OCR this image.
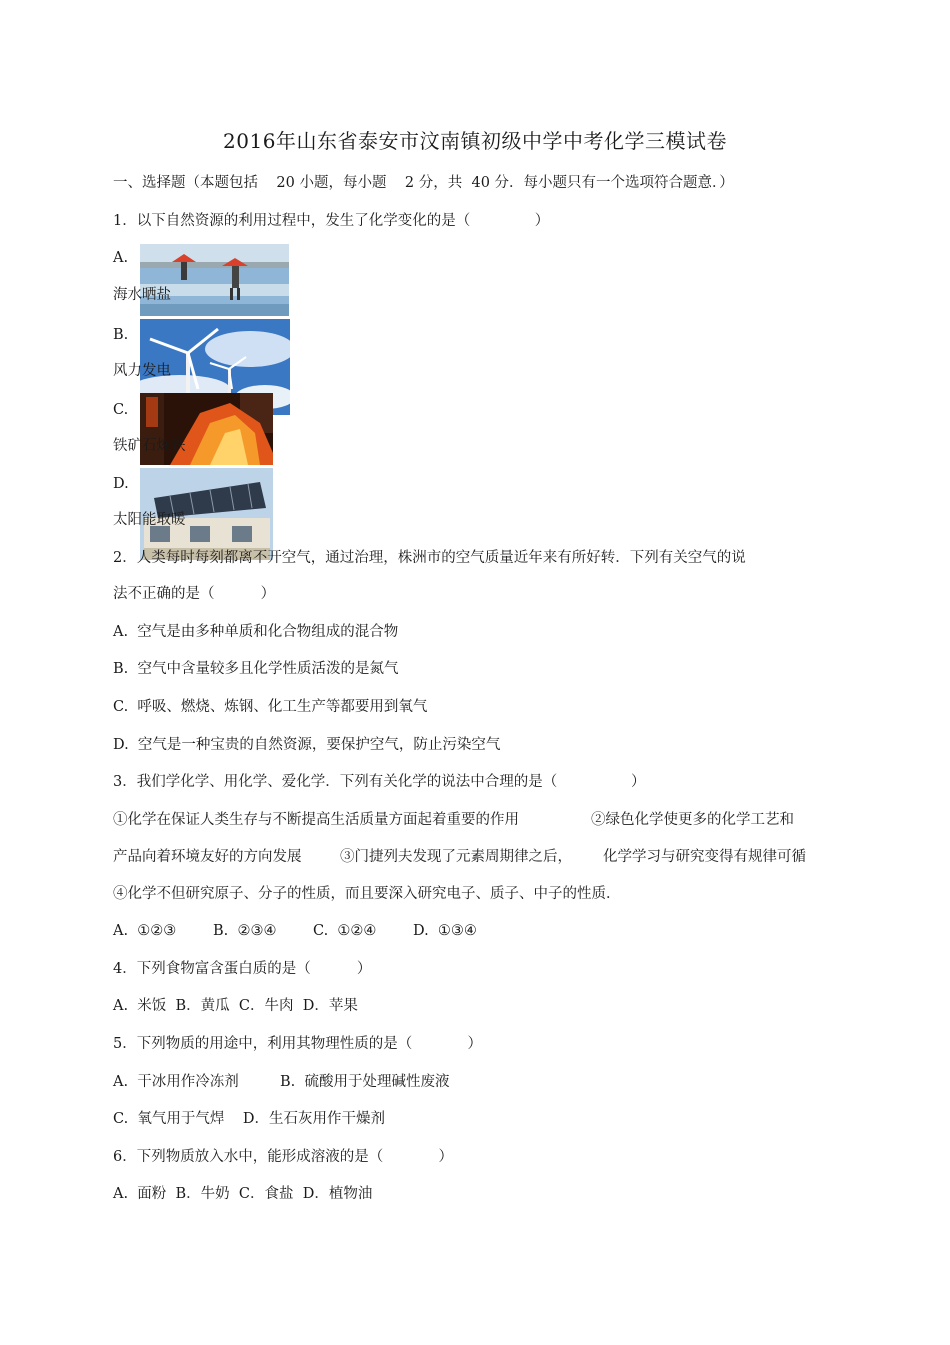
2016年山东省泰安市汶南镇初级中学中考化学三模试卷
一、选择题（本题包括    20 小题，每小题    2 分，共  40 分．每小题只有一个选项符合题意．）
1．以下自然资源的利用过程中，发生了化学变化的是（              ）
A.
海水晒盐
B.
风力发电
C.
铁矿石炼铁
D.
太阳能取暖
2．人类每时每刻都离不开空气，通过治理，株洲市的空气质量近年来有所好转．下列有关空气的说
法不正确的是（          ）
A.  空气是由多种单质和化合物组成的混合物
B.  空气中含量较多且化学性质活泼的是氮气
C.  呼吸、燃烧、炼钢、化工生产等都要用到氧气
D.  空气是一种宝贵的自然资源，要保护空气，防止污染空气
3．我们学化学、用化学、爱化学．下列有关化学的说法中合理的是（                ）
①化学在保证人类生存与不断提高生活质量方面起着重要的作用	②绿色化学使更多的化学工艺和
产品向着环境友好的方向发展	③门捷列夫发现了元素周期律之后， 化学学习与研究变得有规律可循
④化学不但研究原子、分子的性质，而且要深入研究电子、质子、中子的性质．
A.  ①②③	B.  ②③④	C.  ①②④	D.  ①③④
4．下列食物富含蛋白质的是（          ）
A.  米饭  B．黄瓜  C．牛肉  D．苹果
5．下列物质的用途中，利用其物理性质的是（            ）
A.  干冰用作冷冻剂	B.  硫酸用于处理碱性废液
C.  氧气用于气焊    D．生石灰用作干燥剂
6．下列物质放入水中，能形成溶液的是（            ）
A.  面粉  B．牛奶  C．食盐  D．植物油
